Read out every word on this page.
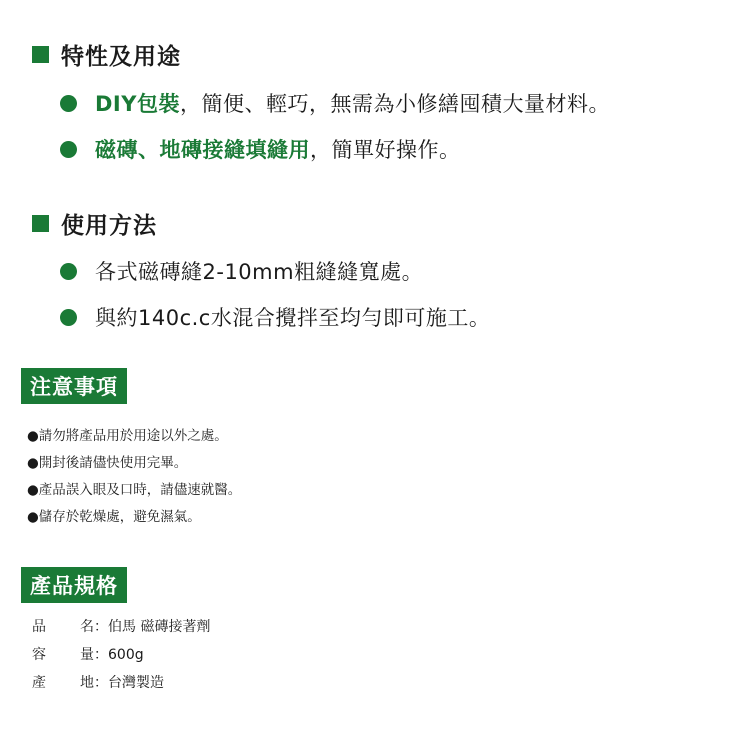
特性及用途
DIY包裝 ，簡便、輕巧，無需為小修繕囤積大量材料。
磁磚、地磚接縫填縫用 ，簡單好操作。
使用方法
各式磁磚縫2-10mm粗縫縫寬處。
與約140c.c水混合攪拌至均勻即可施工。
注意事項
●請勿將產品用於用途以外之處。
●開封後請儘快使用完畢。
●產品誤入眼及口時，請儘速就醫。
●儲存於乾燥處，避免濕氣。
產品規格
品	名 ：伯馬 磁磚接著劑
容	量 ：600g
產	地 ：台灣製造
